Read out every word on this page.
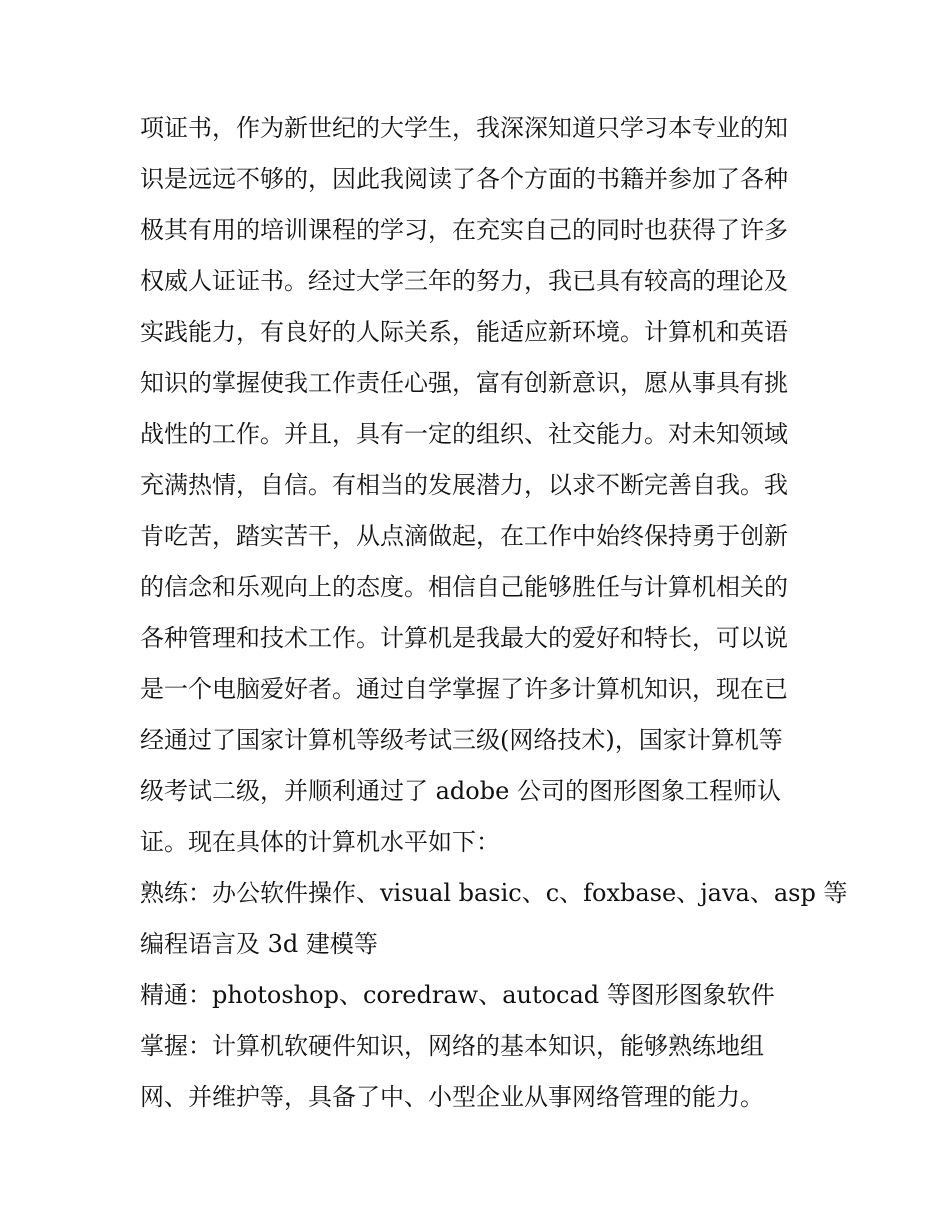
项证书，作为新世纪的大学生，我深深知道只学习本专业的知
识是远远不够的，因此我阅读了各个方面的书籍并参加了各种
极其有用的培训课程的学习，在充实自己的同时也获得了许多
权威人证证书。经过大学三年的努力，我已具有较高的理论及
实践能力，有良好的人际关系，能适应新环境。计算机和英语
知识的掌握使我工作责任心强，富有创新意识，愿从事具有挑
战性的工作。并且，具有一定的组织、社交能力。对未知领域
充满热情，自信。有相当的发展潜力，以求不断完善自我。我
肯吃苦，踏实苦干，从点滴做起，在工作中始终保持勇于创新
的信念和乐观向上的态度。相信自己能够胜任与计算机相关的
各种管理和技术工作。计算机是我最大的爱好和特长，可以说
是一个电脑爱好者。通过自学掌握了许多计算机知识，现在已
经通过了国家计算机等级考试三级(网络技术)，国家计算机等
级考试二级，并顺利通过了 adobe 公司的图形图象工程师认
证。现在具体的计算机水平如下：
熟练：办公软件操作、visual basic、c、foxbase、java、asp 等
编程语言及 3d 建模等
精通：photoshop、coredraw、autocad 等图形图象软件
掌握：计算机软硬件知识，网络的基本知识，能够熟练地组
网、并维护等，具备了中、小型企业从事网络管理的能力。
